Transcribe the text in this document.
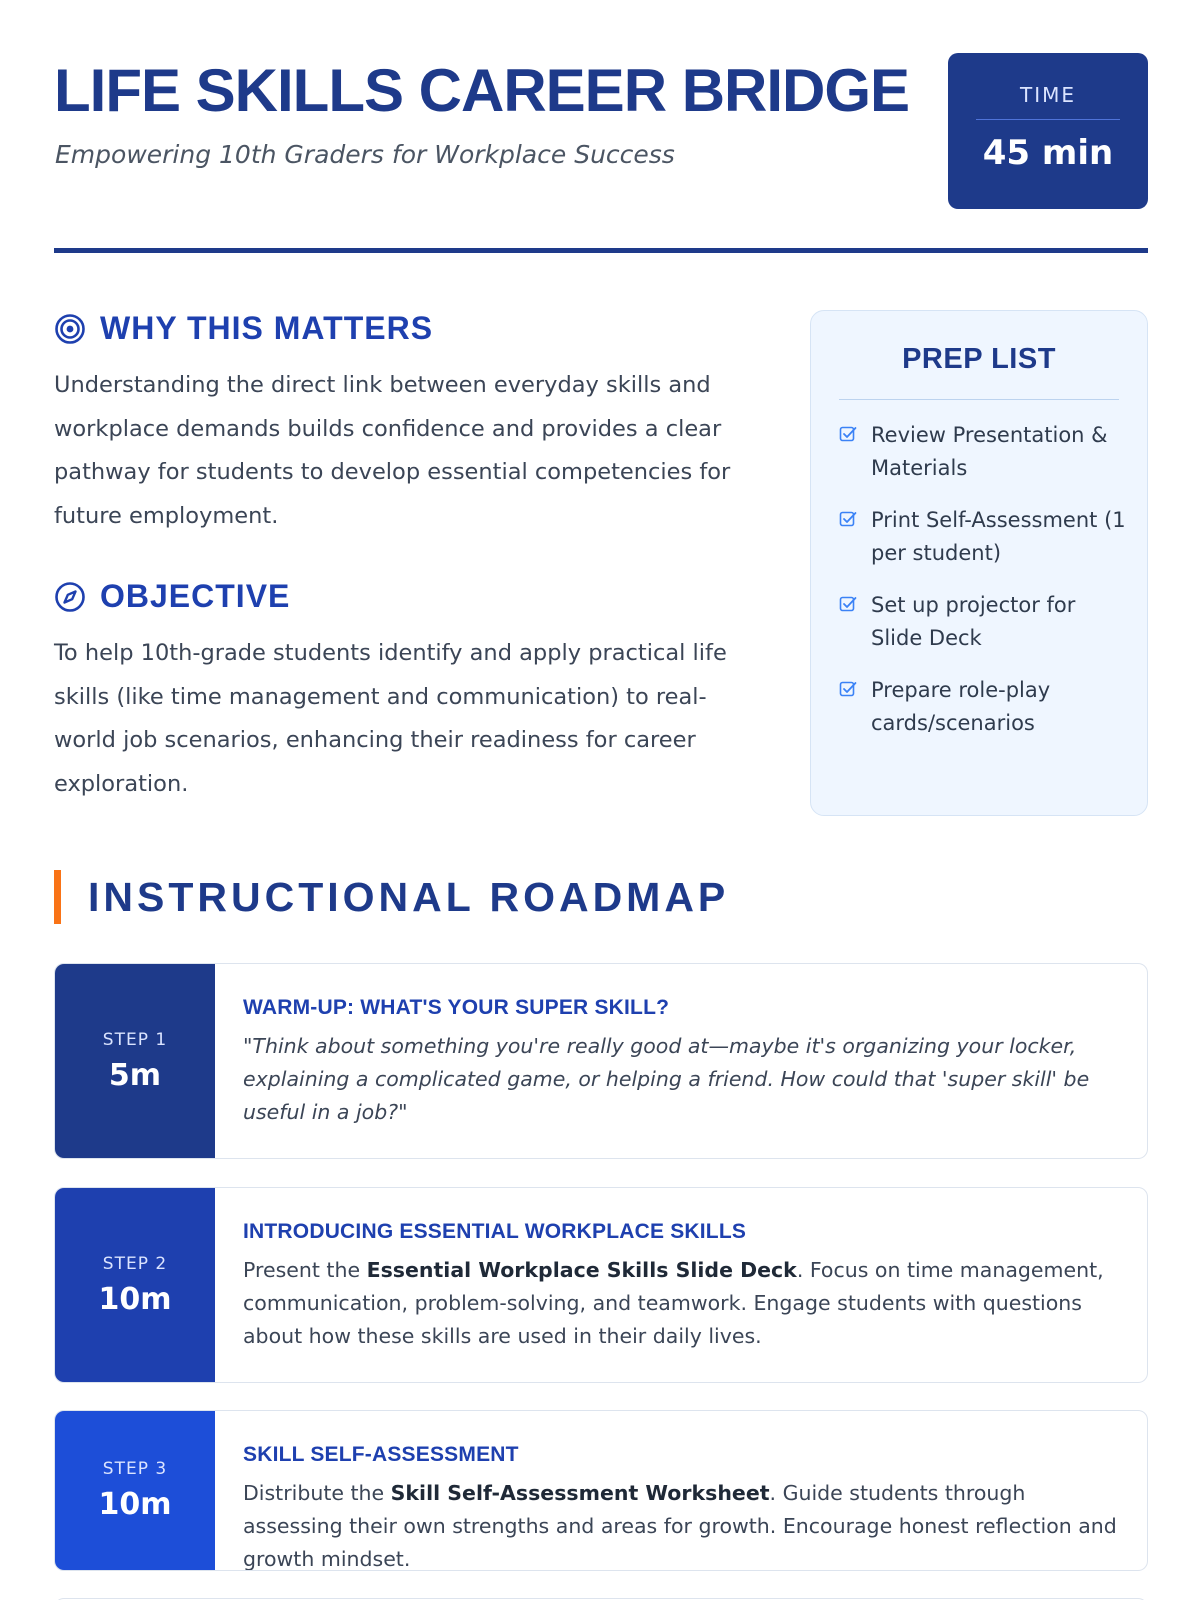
LIFE SKILLS CAREER BRIDGE
Empowering 10th Graders for Workplace Success
TIME
45 min
WHY THIS MATTERS

Understanding the direct link between everyday skills and workplace demands builds confidence and provides a clear pathway for students to develop essential competencies for future employment.

OBJECTIVE

To help 10th-grade students identify and apply practical life skills (like time management and communication) to real-world job scenarios, enhancing their readiness for career exploration.

PREP LIST
Review Presentation & Materials
Print Self-Assessment (1 per student)
Set up projector for Slide Deck
Prepare role-play cards/scenarios
INSTRUCTIONAL ROADMAP
STEP 1
5m
WARM-UP: WHAT'S YOUR SUPER SKILL?
"Think about something you're really good at—maybe it's organizing your locker, explaining a complicated game, or helping a friend. How could that 'super skill' be useful in a job?"
STEP 2
10m
INTRODUCING ESSENTIAL WORKPLACE SKILLS
Present the Essential Workplace Skills Slide Deck. Focus on time management, communication, problem-solving, and teamwork. Engage students with questions about how these skills are used in their daily lives.
STEP 3
10m
SKILL SELF-ASSESSMENT
Distribute the Skill Self-Assessment Worksheet. Guide students through assessing their own strengths and areas for growth. Encourage honest reflection and growth mindset.
